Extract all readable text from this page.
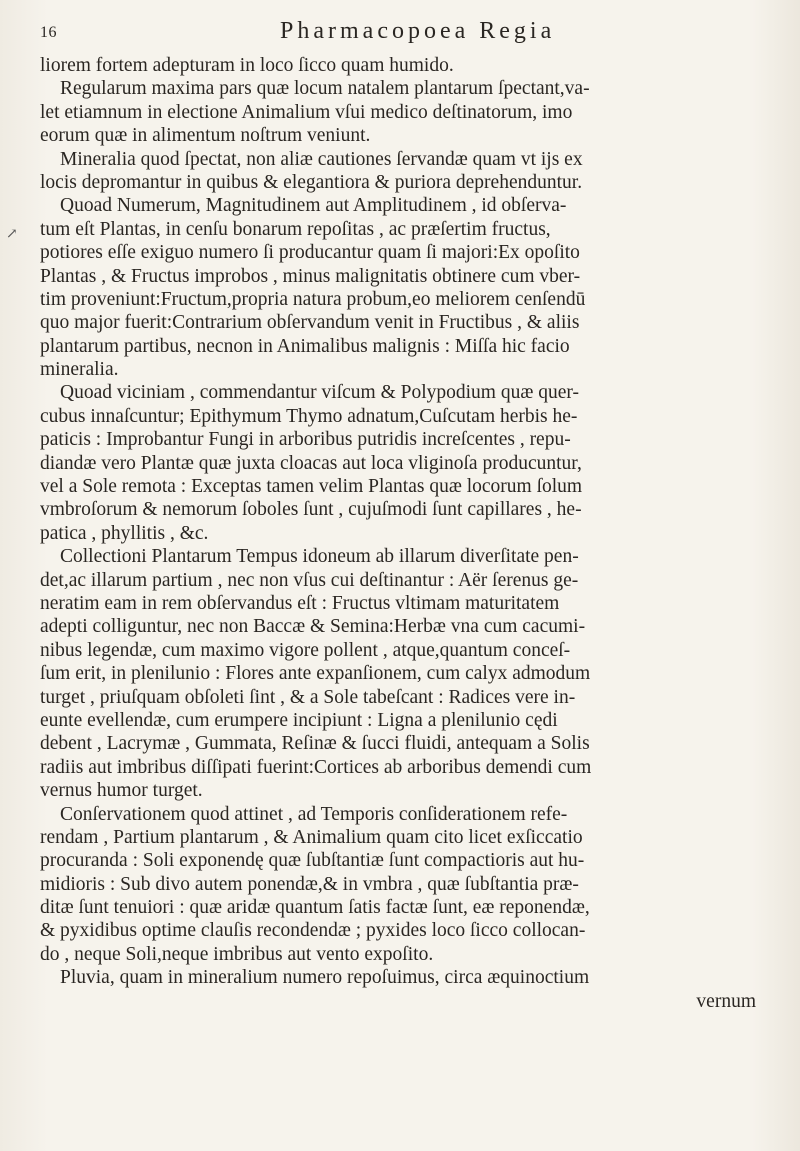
16	Pharmacopoea Regia
↗
liorem fortem adepturam in loco ſicco quam humido.
Regularum maxima pars quæ locum natalem plantarum ſpectant,va-
let etiamnum in electione Animalium vſui medico deſtinatorum, imo
eorum quæ in alimentum noſtrum veniunt.
Mineralia quod ſpectat, non aliæ cautiones ſervandæ quam vt ijs ex
locis depromantur in quibus & elegantiora & puriora deprehenduntur.
Quoad Numerum, Magnitudinem aut Amplitudinem , id obſerva-
tum eſt Plantas, in cenſu bonarum repoſitas , ac præſertim fructus,
potiores eſſe exiguo numero ſi producantur quam ſi majori:Ex opoſito
Plantas , & Fructus improbos , minus malignitatis obtinere cum vber-
tim proveniunt:Fructum,propria natura probum,eo meliorem cenſendū
quo major fuerit:Contrarium obſervandum venit in Fructibus , & aliis
plantarum partibus, necnon in Animalibus malignis : Miſſa hic facio
mineralia.
Quoad viciniam , commendantur viſcum & Polypodium quæ quer-
cubus innaſcuntur; Epithymum Thymo adnatum,Cuſcutam herbis he-
paticis : Improbantur Fungi in arboribus putridis increſcentes , repu-
diandæ vero Plantæ quæ juxta cloacas aut loca vliginoſa producuntur,
vel a Sole remota : Exceptas tamen velim Plantas quæ locorum ſolum
vmbroſorum & nemorum ſoboles ſunt , cujuſmodi ſunt capillares , he-
patica , phyllitis , &c.
Collectioni Plantarum Tempus idoneum ab illarum diverſitate pen-
det,ac illarum partium , nec non vſus cui deſtinantur : Aër ſerenus ge-
neratim eam in rem obſervandus eſt : Fructus vltimam maturitatem
adepti colliguntur, nec non Baccæ & Semina:Herbæ vna cum cacumi-
nibus legendæ, cum maximo vigore pollent , atque,quantum conceſ-
ſum erit, in plenilunio : Flores ante expanſionem, cum calyx admodum
turget , priuſquam obſoleti ſint , & a Sole tabeſcant : Radices vere in-
eunte evellendæ, cum erumpere incipiunt : Ligna a plenilunio cędi
debent , Lacrymæ , Gummata, Reſinæ & ſucci fluidi, antequam a Solis
radiis aut imbribus diſſipati fuerint:Cortices ab arboribus demendi cum
vernus humor turget.
Conſervationem quod attinet , ad Temporis conſiderationem refe-
rendam , Partium plantarum , & Animalium quam cito licet exſiccatio
procuranda : Soli exponendę quæ ſubſtantiæ ſunt compactioris aut hu-
midioris : Sub divo autem ponendæ,& in vmbra , quæ ſubſtantia præ-
ditæ ſunt tenuiori : quæ aridæ quantum ſatis factæ ſunt, eæ reponendæ,
& pyxidibus optime clauſis recondendæ ; pyxides loco ſicco collocan-
do , neque Soli,neque imbribus aut vento expoſito.
Pluvia, quam in mineralium numero repoſuimus, circa æquinoctium
vernum
